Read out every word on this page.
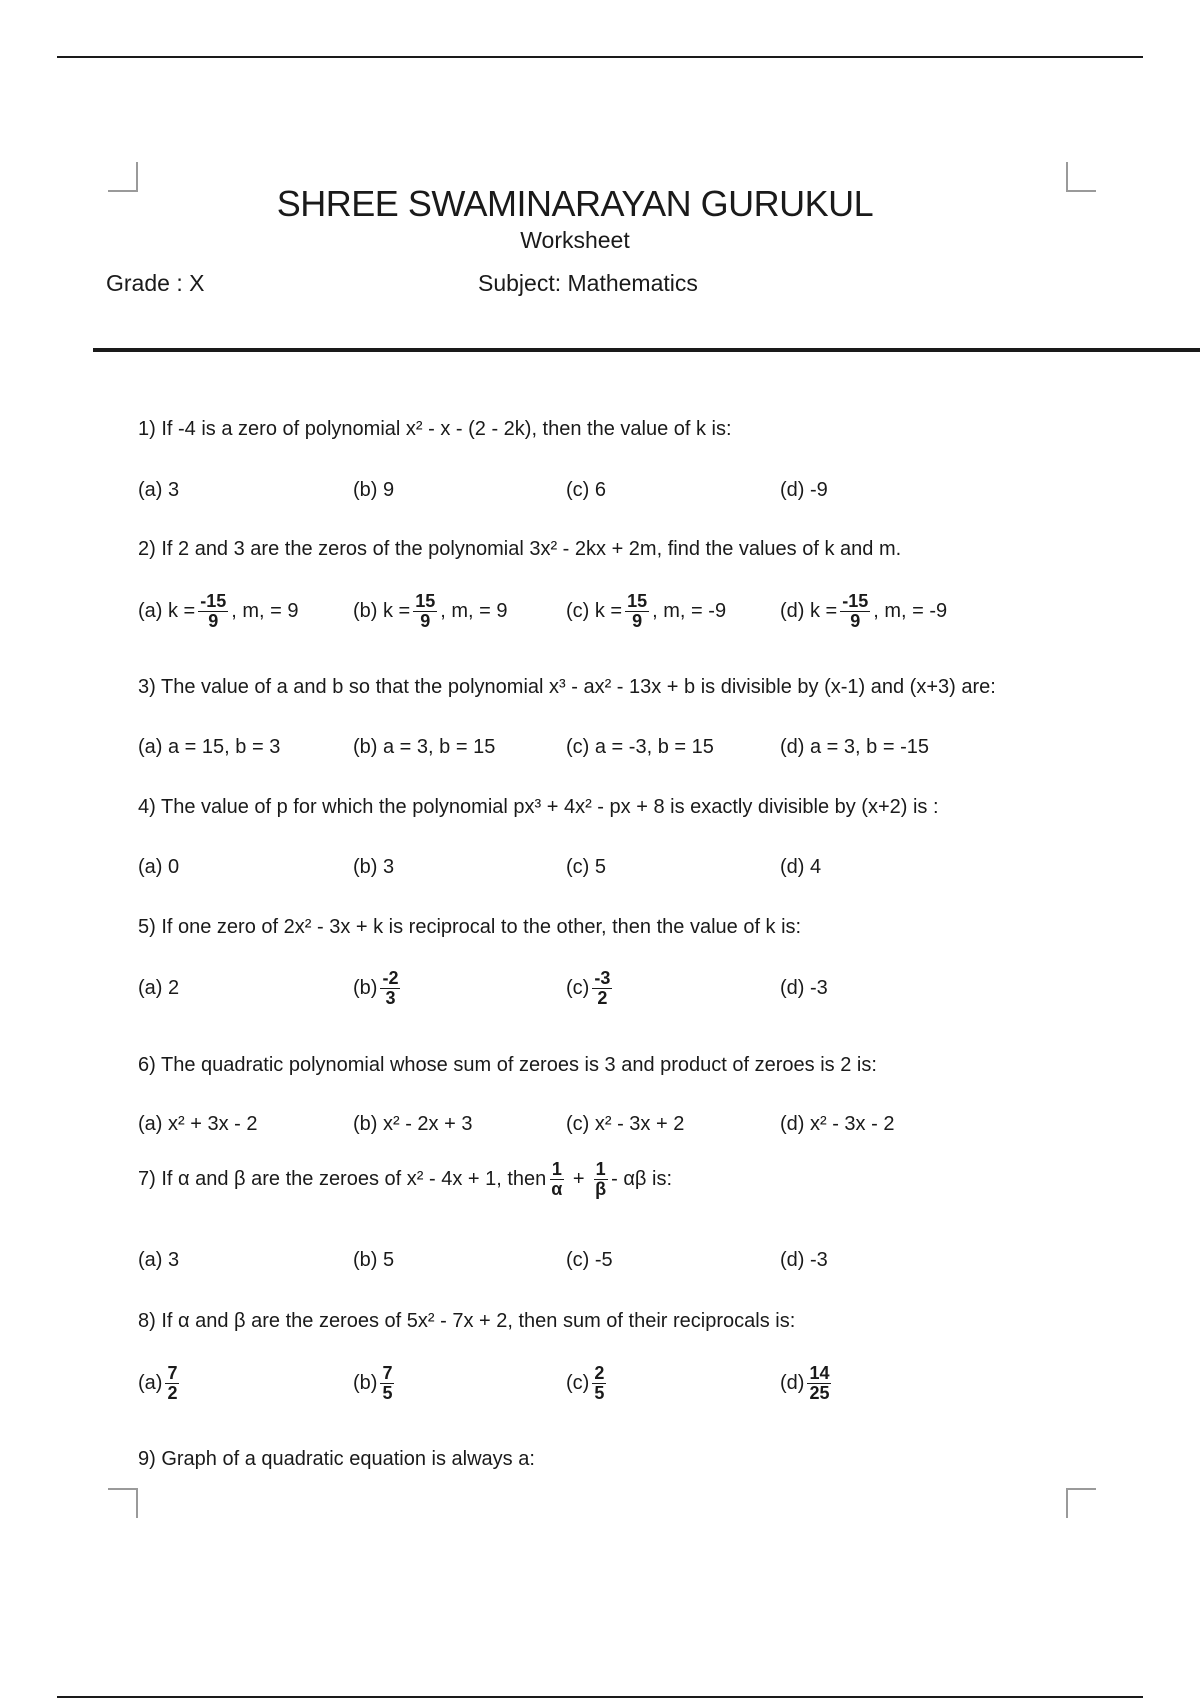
SHREE SWAMINARAYAN GURUKUL
Worksheet
Grade : X	Subject: Mathematics
1) If -4 is a zero of polynomial x² - x - (2 - 2k), then the value of k is:
(a) 3	(b) 9	(c) 6	(d) -9
2) If 2 and 3 are the zeros of the polynomial 3x² - 2kx + 2m, find the values of k and m.
(a) $k = \frac{-15}{9}$ , m, = 9	(b) $k = \frac{15}{9}$ , m, = 9	(c) $k = \frac{15}{9}$ , m, = -9	(d) $k = \frac{-15}{9}$ , m, = -9
3) The value of a and b so that the polynomial x³ - ax² - 13x + b is divisible by (x-1) and (x+3) are:
(a) a = 15, b = 3	(b) a = 3, b = 15	(c) a = -3, b = 15	(d) a = 3, b = -15
4) The value of p for which the polynomial px³ + 4x² - px + 8 is exactly divisible by (x+2) is :
(a) 0	(b) 3	(c) 5	(d) 4
5) If one zero of 2x² - 3x + k is reciprocal to the other, then the value of k is:
(a) 2	$(b) \frac{-2}{3}$	$(c) \frac{-3}{2}$	(d) -3
6) The quadratic polynomial whose sum of zeroes is 3 and product of zeroes is 2 is:
(a) x² + 3x - 2	(b) x² - 2x + 3	(c) x² - 3x + 2	(d) x² - 3x - 2
7) If α and β are the zeroes of x² - 4x + 1, then $\frac{1}{\alpha} + \frac{1}{\beta} - \alpha\beta$ is:
(a) 3	(b) 5	(c) -5	(d) -3
8) If α and β are the zeroes of 5x² - 7x + 2, then sum of their reciprocals is:
$(a) \frac{7}{2}$	$(b) \frac{7}{5}$	$(c) \frac{2}{5}$	$(d) \frac{14}{25}$
9) Graph of a quadratic equation is always a:
